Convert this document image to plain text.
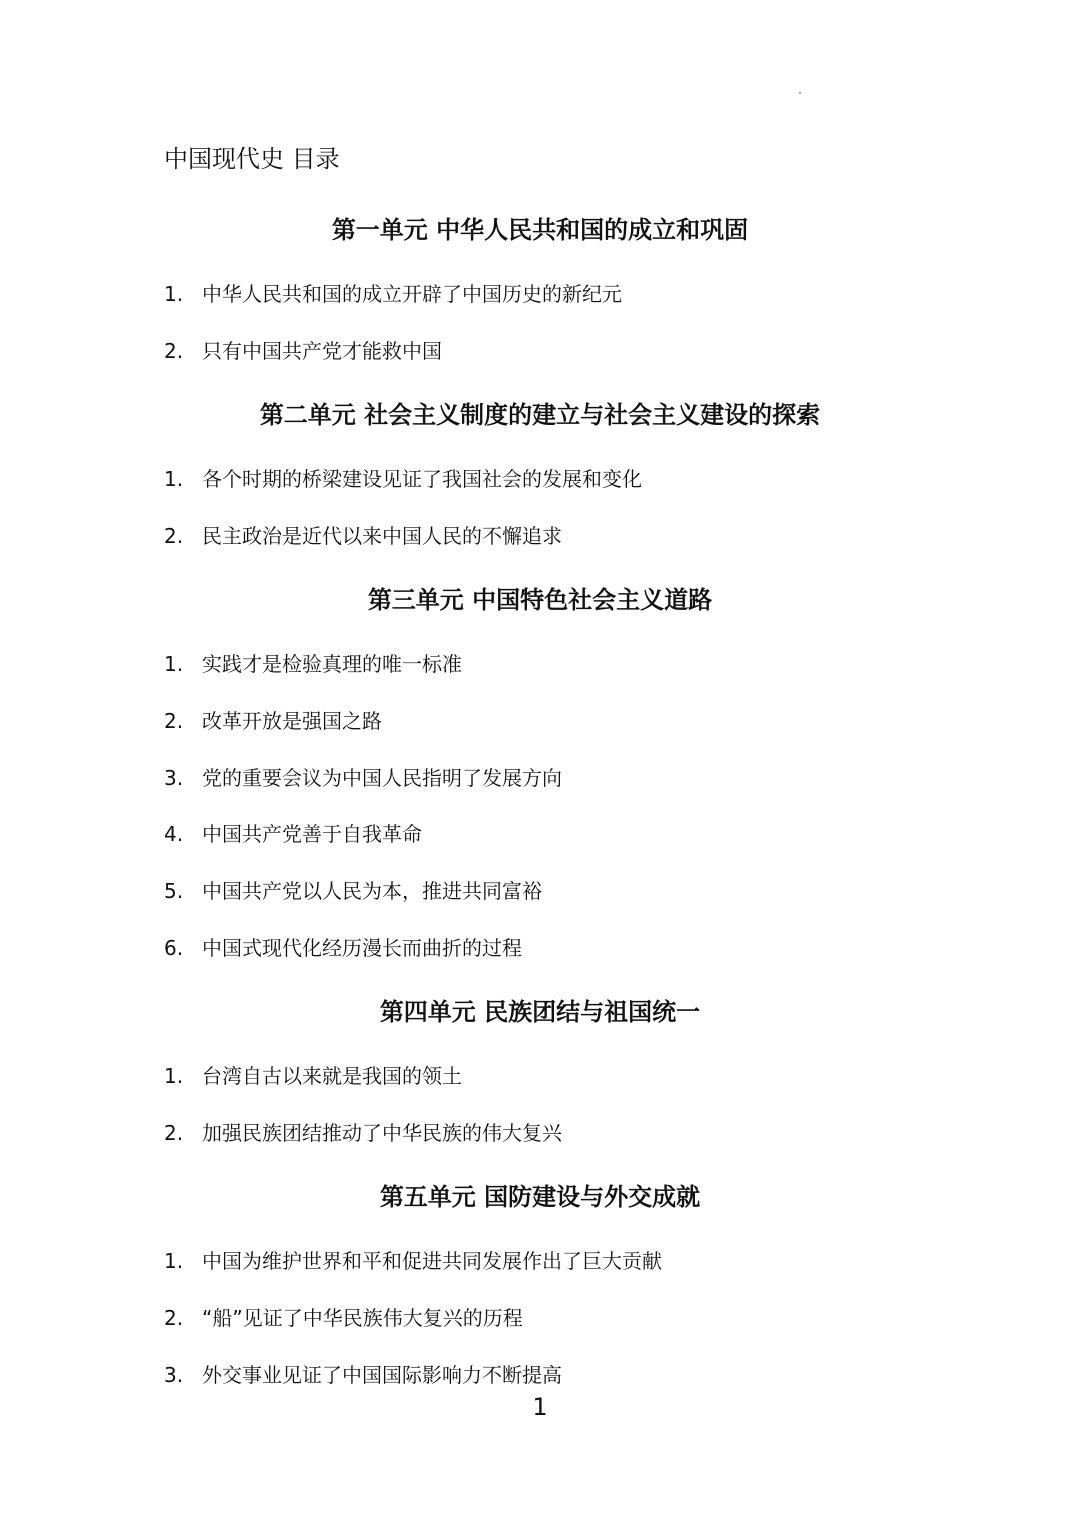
中国现代史 目录
第一单元 中华人民共和国的成立和巩固
1. 中华人民共和国的成立开辟了中国历史的新纪元
2. 只有中国共产党才能救中国
第二单元 社会主义制度的建立与社会主义建设的探索
1. 各个时期的桥梁建设见证了我国社会的发展和变化
2. 民主政治是近代以来中国人民的不懈追求
第三单元 中国特色社会主义道路
1. 实践才是检验真理的唯一标准
2. 改革开放是强国之路
3. 党的重要会议为中国人民指明了发展方向
4. 中国共产党善于自我革命
5. 中国共产党以人民为本，推进共同富裕
6. 中国式现代化经历漫长而曲折的过程
第四单元 民族团结与祖国统一
1. 台湾自古以来就是我国的领土
2. 加强民族团结推动了中华民族的伟大复兴
第五单元 国防建设与外交成就
1. 中国为维护世界和平和促进共同发展作出了巨大贡献
2. “船”见证了中华民族伟大复兴的历程
3. 外交事业见证了中国国际影响力不断提高
1
